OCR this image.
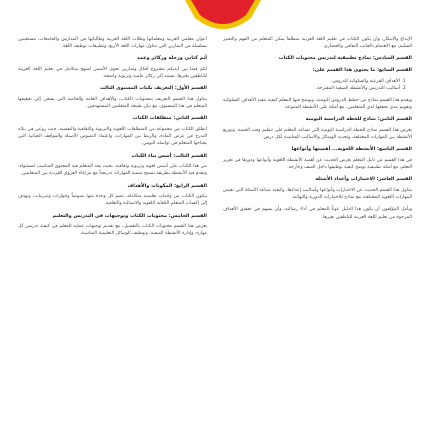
أعوان معلمي العربية ومعلماتها وطلاب اللغة العربية وطالباتها في المدارس والجامعات، مستعينين بسلسلة من التمارين التي تتناول مهارات اللغة الأربع، وتطبيقات توظيف اللغة.
أثم كتابي ورحلة وركائز وعمد
لكم فيما بين أيديكم مشروع أفكار وتمارين تحوي الأسس لمنهج متكامل في تعليم اللغة العربية للناطقين بغيرها، تستند إلى ركائز علمية وتربوية واضحة.
القسم الأول: التعريف بكتاب المستوى الثالث
يتناول هذا القسم التعريف بمحتويات الكتاب، والأهداف العامة والخاصة التي يسعى إلى تحقيقها المتعلم في هذا المستوى، مع بيان طبيعة المتعلمين المستهدفين.
القسم الثاني: منطلقات الكتاب
انطلق الكتاب من مجموعة من المنطلقات اللغوية والتربوية والثقافية والنفسية، حيث روعي في بنائه التدرج في عرض المادة، والربط بين المهارات، واعتماد النصوص الأصيلة والمواقف الحياتية التي يحتاجها المتعلم في تواصله اليومي.
القسم الثالث: أسس بناء الكتاب
بني هذا الكتاب على أسس لغوية وتربوية وثقافية، بحيث يجد المتعلم فيه المحتوى المناسب لمستواه، وتقدم فيه الأنشطة بطريقة تسمح بتنمية المهارات تدريجياً مع مراعاة الفروق الفردية بين المتعلمين.
القسم الرابع: المكونات والأهداف
يتكون الكتاب من وحدات تعليمية متكاملة، تضم كل وحدة منها نصوصاً وحوارات وتدريبات، وتهدف إلى إكساب المتعلم الكفاية اللغوية والاتصالية والثقافية.
القسم الخامس: محتويات الكتاب وتوجيهات في التدريس والتعليم
يعرض هذا القسم محتويات الكتاب بالتفصيل، مع تقديم توجيهات عملية للمعلم في كيفية تدريس كل مهارة، وإدارة الأنشطة الصفية، وتوظيف الوسائل التعليمية المناسبة.
الإبداع والابتكار، وأن يكون الكتاب في تعليم اللغة العربية منطلقاً يمكّن المتعلم من الفهم والتعبير السليم، مع الاهتمام بالجانب الثقافي والحضاري.
القسم السادس: نماذج تطبيقية لتدريس محتويات الكتاب
القسم السابع: ما يحتوي هذا القسم على:
1. الأهداف الفرعية والسلوكية للدروس.
2. أساليب التدريس والأنشطة الصفية المقترحة.
ويقدم هذا القسم نماذج من خطط الدروس اليومية، ويوضح فيها المعلم كيفية تنفيذ الأهداف السلوكية وتقويم مدى تحققها لدى المتعلمين، مع أمثلة على الأنشطة المتنوعة.
القسم الثامن: نماذج للخطة الدراسية اليومية
يعرض هذا القسم نماذج للخطة الدراسية اليومية التي تساعد المعلم على تنظيم وقت الحصة، وتوزيع الأنشطة بين المهارات المختلفة، وتحديد الوسائل والأساليب المناسبة لكل درس.
القسم التاسع: الأنشطة اللغوية... أهميتها وأنواعها
في هذا القسم من دليل المعلم يعرض الحديث عن أهمية الأنشطة اللغوية وأنواعها ودورها في تعزيز التعلم، مع أمثلة تطبيقية توضح كيفية توظيفها داخل الصف وخارجه.
القسم العاشر: الاختبارات وأعداد الأسئلة
يتناول هذا القسم الحديث عن الاختبارات وأنواعها وأساليب إعدادها، وكيفية صياغة الأسئلة التي تقيس المهارات اللغوية المختلفة، مع نماذج للاختبارات الدورية والنهائية.
ويأمل المؤلفون أن يكون هذا الدليل عوناً للمعلم في أداء رسالته، وأن يسهم في تحقيق الأهداف المرجوة من تعليم اللغة العربية للناطقين بغيرها.
